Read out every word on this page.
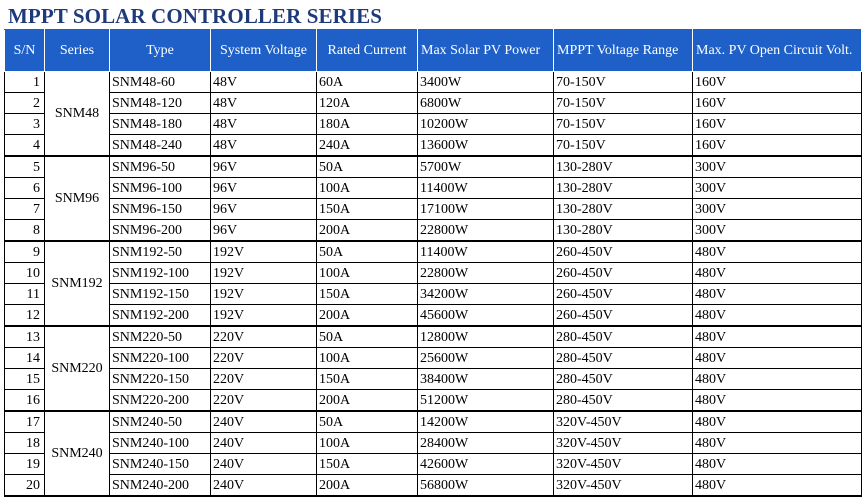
MPPT SOLAR CONTROLLER SERIES
S/N	Series	Type	System Voltage	Rated Current	Max Solar PV Power	MPPT Voltage Range	Max. PV Open Circuit Volt.
1	SNM48	SNM48-60	48V	60A	3400W	70-150V	160V
2		SNM48-120	48V	120A	6800W	70-150V	160V
3		SNM48-180	48V	180A	10200W	70-150V	160V
4		SNM48-240	48V	240A	13600W	70-150V	160V
5	SNM96	SNM96-50	96V	50A	5700W	130-280V	300V
6		SNM96-100	96V	100A	11400W	130-280V	300V
7		SNM96-150	96V	150A	17100W	130-280V	300V
8		SNM96-200	96V	200A	22800W	130-280V	300V
9	SNM192	SNM192-50	192V	50A	11400W	260-450V	480V
10		SNM192-100	192V	100A	22800W	260-450V	480V
11		SNM192-150	192V	150A	34200W	260-450V	480V
12		SNM192-200	192V	200A	45600W	260-450V	480V
13	SNM220	SNM220-50	220V	50A	12800W	280-450V	480V
14		SNM220-100	220V	100A	25600W	280-450V	480V
15		SNM220-150	220V	150A	38400W	280-450V	480V
16		SNM220-200	220V	200A	51200W	280-450V	480V
17	SNM240	SNM240-50	240V	50A	14200W	320V-450V	480V
18		SNM240-100	240V	100A	28400W	320V-450V	480V
19		SNM240-150	240V	150A	42600W	320V-450V	480V
20		SNM240-200	240V	200A	56800W	320V-450V	480V
